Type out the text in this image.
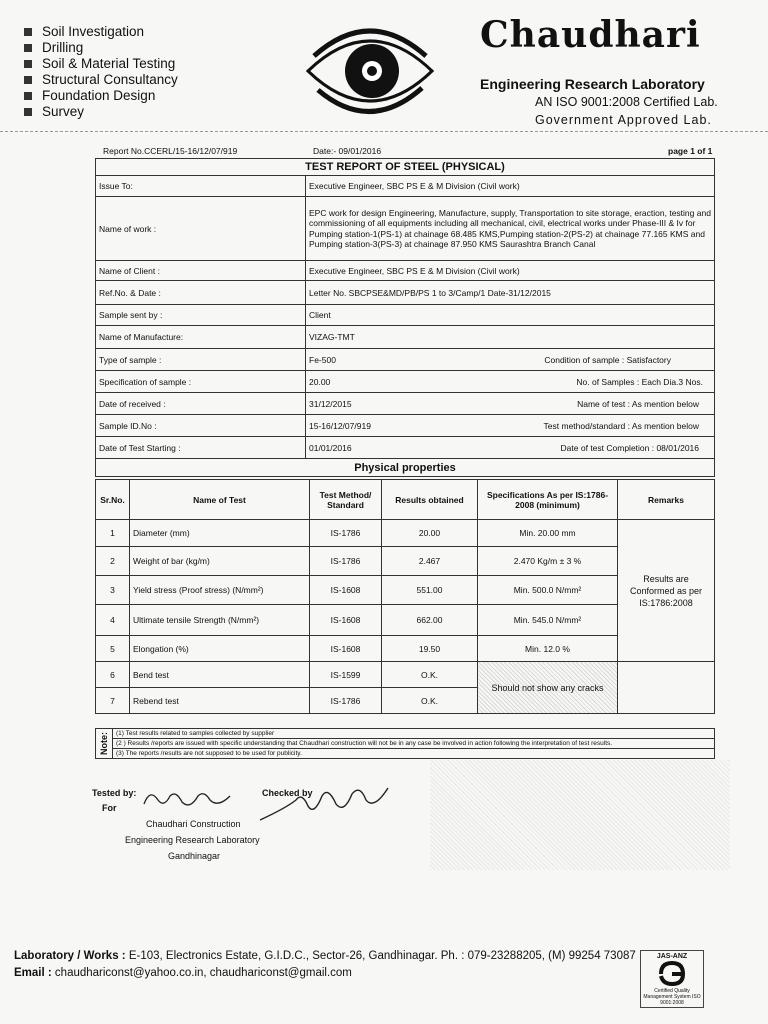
Soil Investigation
Drilling
Soil & Material Testing
Structural Consultancy
Foundation Design
Survey
Chaudhari
Engineering Research Laboratory
AN ISO 9001:2008 Certified Lab.
Government Approved Lab.
Report No.CCERL/15-16/12/07/919	Date:- 09/01/2016	page 1 of 1
TEST REPORT OF STEEL (PHYSICAL)	
Issue To:	Executive Engineer, SBC PS E & M Division (Civil work)
Name of work :	EPC work for design Engineering, Manufacture, supply, Transportation to site storage, eraction, testing and commissioning of all equipments including all mechanical, civil, electrical works under Phase-III & Iv for Pumping station-1(PS-1) at chainage 68.485 KMS,Pumping station-2(PS-2) at chainage 77.165 KMS and Pumping station-3(PS-3) at chainage 87.950 KMS Saurashtra Branch Canal
Name of Client :	Executive Engineer, SBC PS E & M Division (Civil work)
Ref.No. & Date :	Letter No. SBCPSE&MD/PB/PS 1 to 3/Camp/1 Date-31/12/2015
Sample sent by :	Client
Name of Manufacture:	VIZAG-TMT
Type of sample :	Fe-500 Condition of sample : Satisfactory

Specification of sample :	20.00 No. of Samples : Each Dia.3 Nos.

Date of received :	31/12/2015 Name of test : As mention below

Sample ID.No :	15-16/12/07/919 Test method/standard : As mention below

Date of Test Starting :	01/01/2016 Date of test Completion : 08/01/2016

Physical properties	
Sr.No.	Name of Test	Test Method/ Standard	Results obtained	Specifications As per IS:1786-2008 (minimum)	Remarks
1	Diameter (mm)	IS-1786	20.00	Min. 20.00 mm	Results are Conformed as per IS:1786:2008
2	Weight of bar (kg/m)	IS-1786	2.467	2.470 Kg/m ± 3 %	
3	Yield stress (Proof stress) (N/mm²)	IS-1608	551.00	Min. 500.0 N/mm²	
4	Ultimate tensile Strength (N/mm²)	IS-1608	662.00	Min. 545.0 N/mm²	
5	Elongation (%)	IS-1608	19.50	Min. 12.0 %	
6	Bend test	IS-1599	O.K.	Should not show any cracks	
7	Rebend test	IS-1786	O.K.		
Note:	(1) Test results related to samples collected by supplier
(2 ) Results /reports are issued with specific understanding that Chaudhari construction will not be in any case be involved in action following the interpretation of test results.
(3) The reports /results are not supposed to be used for publicity.
Tested by:
For
Checked by
Chaudhari Construction
Engineering Research Laboratory
Gandhinagar
Laboratory / Works : E-103, Electronics Estate, G.I.D.C., Sector-26, Gandhinagar. Ph. : 079-23288205, (M) 99254 73087
Email : chaudhariconst@yahoo.co.in, chaudhariconst@gmail.com
JAS-ANZ
Certified Quality Management System ISO 9001:2008
